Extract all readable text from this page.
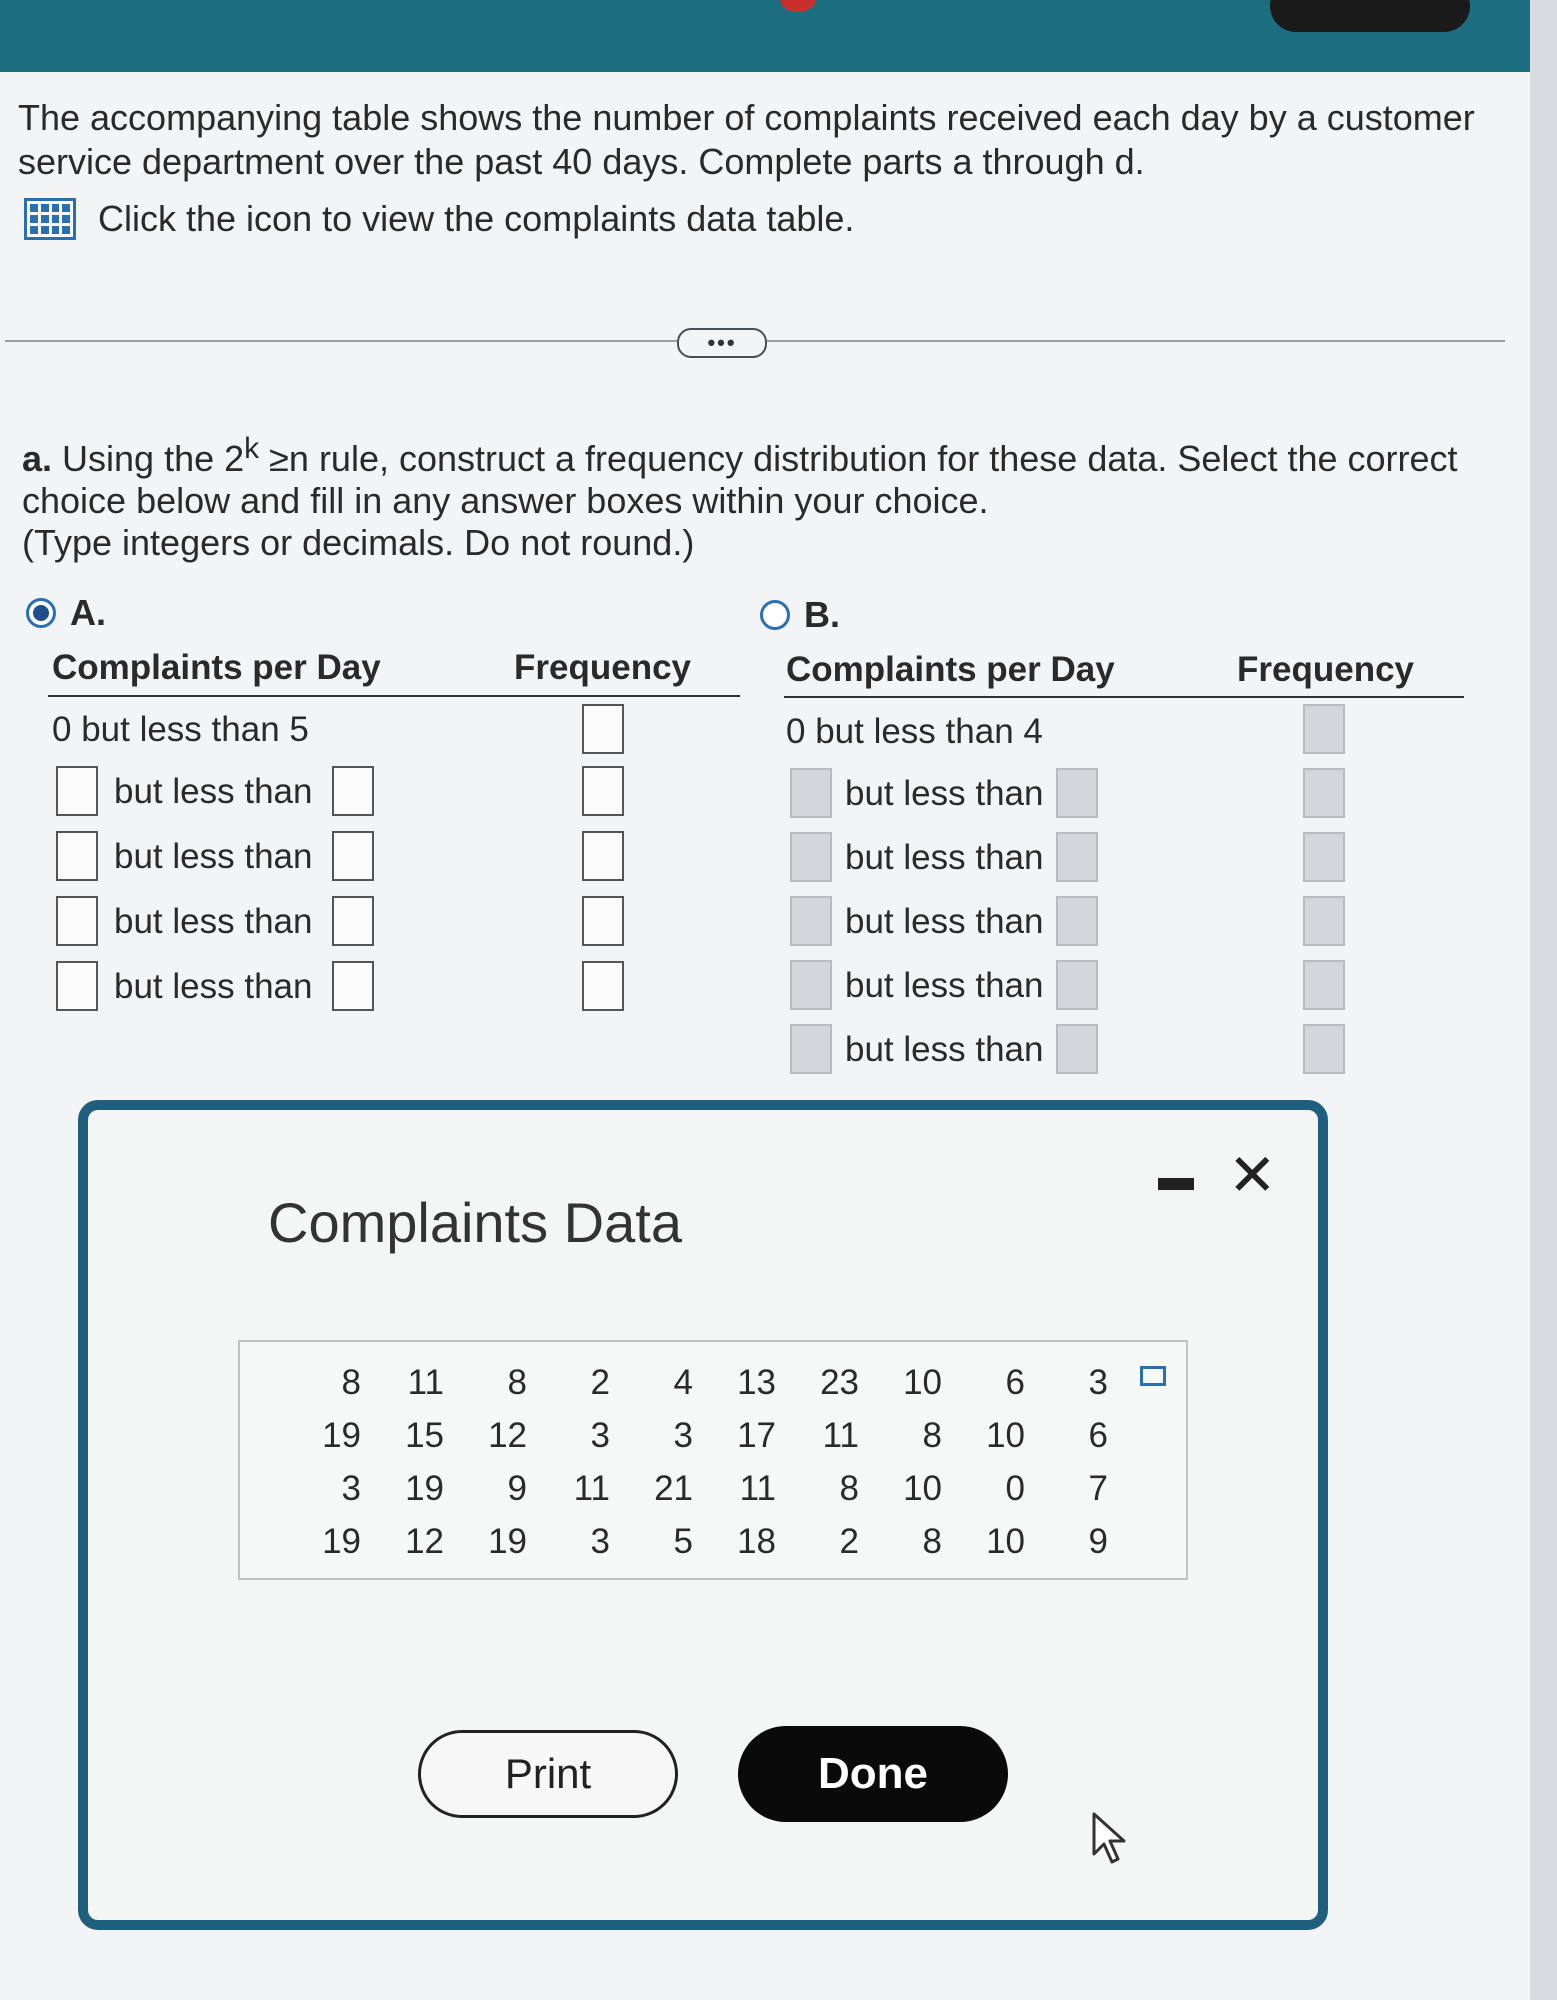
The accompanying table shows the number of complaints received each day by a customer service department over the past 40 days. Complete parts a through d.
Click the icon to view the complaints data table.
•••
a. Using the $2^k \ge n$ rule, construct a frequency distribution for these data. Select the correct choice below and fill in any answer boxes within your choice.
(Type integers or decimals. Do not round.)
A.
Complaints per Day	Frequency
0 but less than 5
but less than
but less than
but less than
but less than
B.
Complaints per Day	Frequency
0 but less than 4
but less than
but less than
but less than
but less than
but less than
Complaints Data
✕
8	11	8	2	4	13	23	10	6	3
19	15	12	3	3	17	11	8	10	6
3	19	9	11	21	11	8	10	0	7
19	12	19	3	5	18	2	8	10	9
Print	Done
